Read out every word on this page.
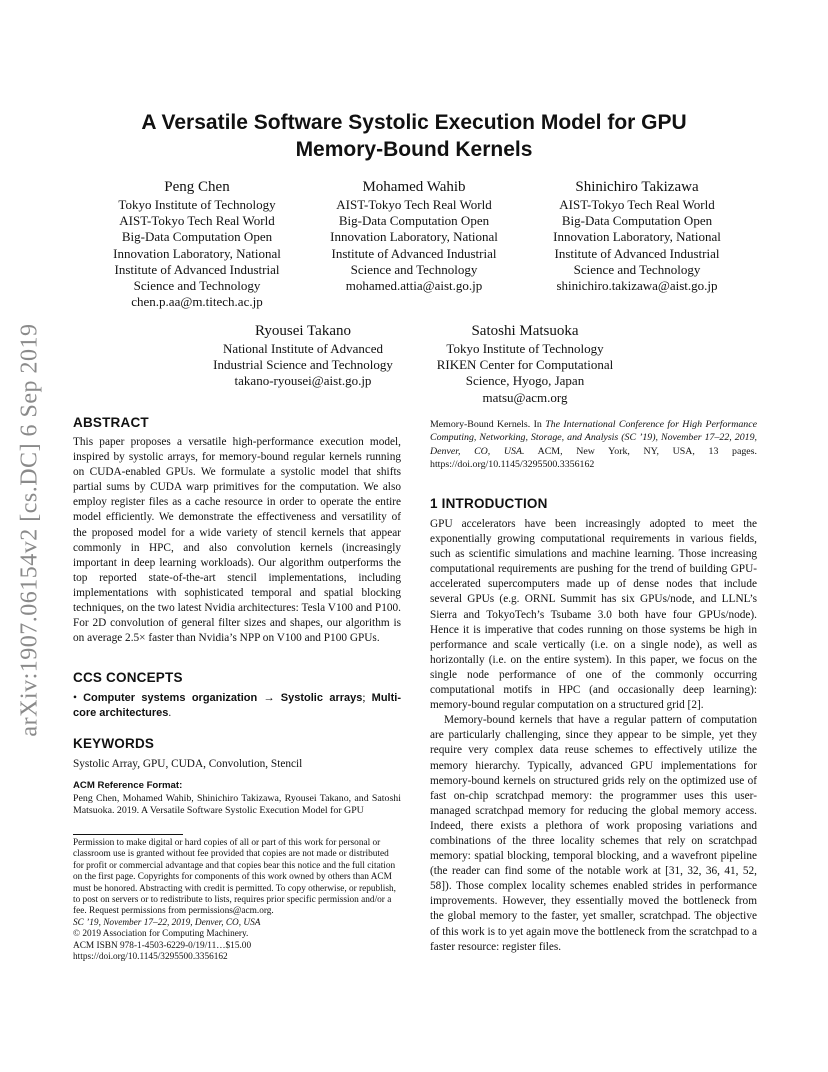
arXiv:1907.06154v2 [cs.DC] 6 Sep 2019
A Versatile Software Systolic Execution Model for GPU
Memory-Bound Kernels
Peng Chen
Tokyo Institute of Technology
AIST-Tokyo Tech Real World
Big-Data Computation Open
Innovation Laboratory, National
Institute of Advanced Industrial
Science and Technology
chen.p.aa@m.titech.ac.jp
Mohamed Wahib
AIST-Tokyo Tech Real World
Big-Data Computation Open
Innovation Laboratory, National
Institute of Advanced Industrial
Science and Technology
mohamed.attia@aist.go.jp
Shinichiro Takizawa
AIST-Tokyo Tech Real World
Big-Data Computation Open
Innovation Laboratory, National
Institute of Advanced Industrial
Science and Technology
shinichiro.takizawa@aist.go.jp
Ryousei Takano
National Institute of Advanced
Industrial Science and Technology
takano-ryousei@aist.go.jp
Satoshi Matsuoka
Tokyo Institute of Technology
RIKEN Center for Computational
Science, Hyogo, Japan
matsu@acm.org
ABSTRACT
This paper proposes a versatile high-performance execution model, inspired by systolic arrays, for memory-bound regular kernels running on CUDA-enabled GPUs. We formulate a systolic model that shifts partial sums by CUDA warp primitives for the computation. We also employ register files as a cache resource in order to operate the entire model efficiently. We demonstrate the effectiveness and versatility of the proposed model for a wide variety of stencil kernels that appear commonly in HPC, and also convolution kernels (increasingly important in deep learning workloads). Our algorithm outperforms the top reported state-of-the-art stencil implementations, including implementations with sophisticated temporal and spatial blocking techniques, on the two latest Nvidia architectures: Tesla V100 and P100. For 2D convolution of general filter sizes and shapes, our algorithm is on average 2.5× faster than Nvidia’s NPP on V100 and P100 GPUs.
CCS CONCEPTS
• Computer systems organization → Systolic arrays; Multi-core architectures.
KEYWORDS
Systolic Array, GPU, CUDA, Convolution, Stencil
ACM Reference Format:
Peng Chen, Mohamed Wahib, Shinichiro Takizawa, Ryousei Takano, and Satoshi Matsuoka. 2019. A Versatile Software Systolic Execution Model for GPU
Permission to make digital or hard copies of all or part of this work for personal or classroom use is granted without fee provided that copies are not made or distributed for profit or commercial advantage and that copies bear this notice and the full citation on the first page. Copyrights for components of this work owned by others than ACM must be honored. Abstracting with credit is permitted. To copy otherwise, or republish, to post on servers or to redistribute to lists, requires prior specific permission and/or a fee. Request permissions from permissions@acm.org.
SC ’19, November 17–22, 2019, Denver, CO, USA
© 2019 Association for Computing Machinery.
ACM ISBN 978-1-4503-6229-0/19/11…$15.00
https://doi.org/10.1145/3295500.3356162
Memory-Bound Kernels. In The International Conference for High Performance Computing, Networking, Storage, and Analysis (SC ’19), November 17–22, 2019, Denver, CO, USA. ACM, New York, NY, USA, 13 pages. https://doi.org/10.1145/3295500.3356162
1 INTRODUCTION

GPU accelerators have been increasingly adopted to meet the exponentially growing computational requirements in various fields, such as scientific simulations and machine learning. Those increasing computational requirements are pushing for the trend of building GPU-accelerated supercomputers made up of dense nodes that include several GPUs (e.g. ORNL Summit has six GPUs/node, and LLNL’s Sierra and TokyoTech’s Tsubame 3.0 both have four GPUs/node). Hence it is imperative that codes running on those systems be high in performance and scale vertically (i.e. on a single node), as well as horizontally (i.e. on the entire system). In this paper, we focus on the single node performance of one of the commonly occurring computational motifs in HPC (and occasionally deep learning): memory-bound regular computation on a structured grid [2].

Memory-bound kernels that have a regular pattern of computation are particularly challenging, since they appear to be simple, yet they require very complex data reuse schemes to effectively utilize the memory hierarchy. Typically, advanced GPU implementations for memory-bound kernels on structured grids rely on the optimized use of fast on-chip scratchpad memory: the programmer uses this user-managed scratchpad memory for reducing the global memory access. Indeed, there exists a plethora of work proposing variations and combinations of the three locality schemes that rely on scratchpad memory: spatial blocking, temporal blocking, and a wavefront pipeline (the reader can find some of the notable work at [31, 32, 36, 41, 52, 58]). Those complex locality schemes enabled strides in performance improvements. However, they essentially moved the bottleneck from the global memory to the faster, yet smaller, scratchpad. The objective of this work is to yet again move the bottleneck from the scratchpad to a faster resource: register files.
